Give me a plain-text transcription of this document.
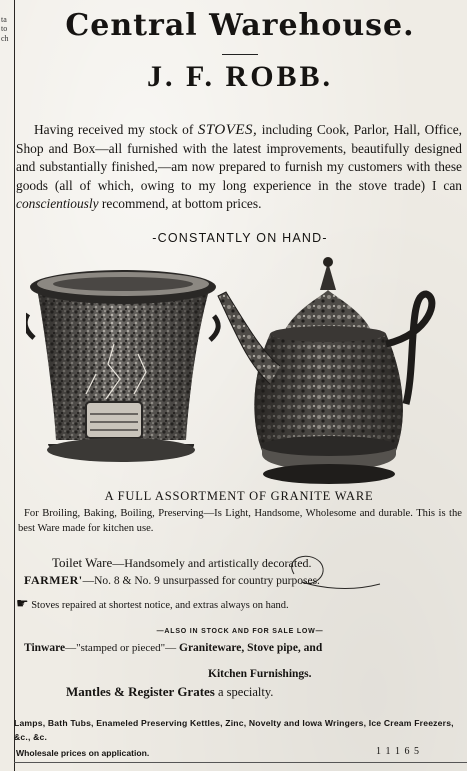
ta
to
ch	Central Warehouse.
J. F. ROBB.

Having received my stock of STOVES, including Cook, Parlor, Hall, Office, Shop and Box—all furnished with the latest improvements, beautifully designed and substantially finished,—am now prepared to furnish my customers with these goods (all of which, owing to my long experience in the stove trade) I can conscientiously recommend, at bottom prices.

-CONSTANTLY ON HAND-
A FULL ASSORTMENT OF GRANITE WARE

For Broiling, Baking, Boiling, Preserving—Is Light, Handsome, Wholesome and durable. This is the best Ware made for kitchen use.

Toilet Ware—Handsomely and artistically decorated.
FARMER'—No. 8 & No. 9 unsurpassed for country purposes.
☛ Stoves repaired at shortest notice, and extras always on hand.
—ALSO IN STOCK AND FOR SALE LOW—
Tinware—"stamped or pieced"— Graniteware, Stove pipe, and
Kitchen Furnishings.
Mantles & Register Grates a specialty.
Lamps, Bath Tubs, Enameled Preserving Kettles, Zinc, Novelty and Iowa Wringers, Ice Cream Freezers, &c., &c.
Wholesale prices on application.	1 1 1 6 5
